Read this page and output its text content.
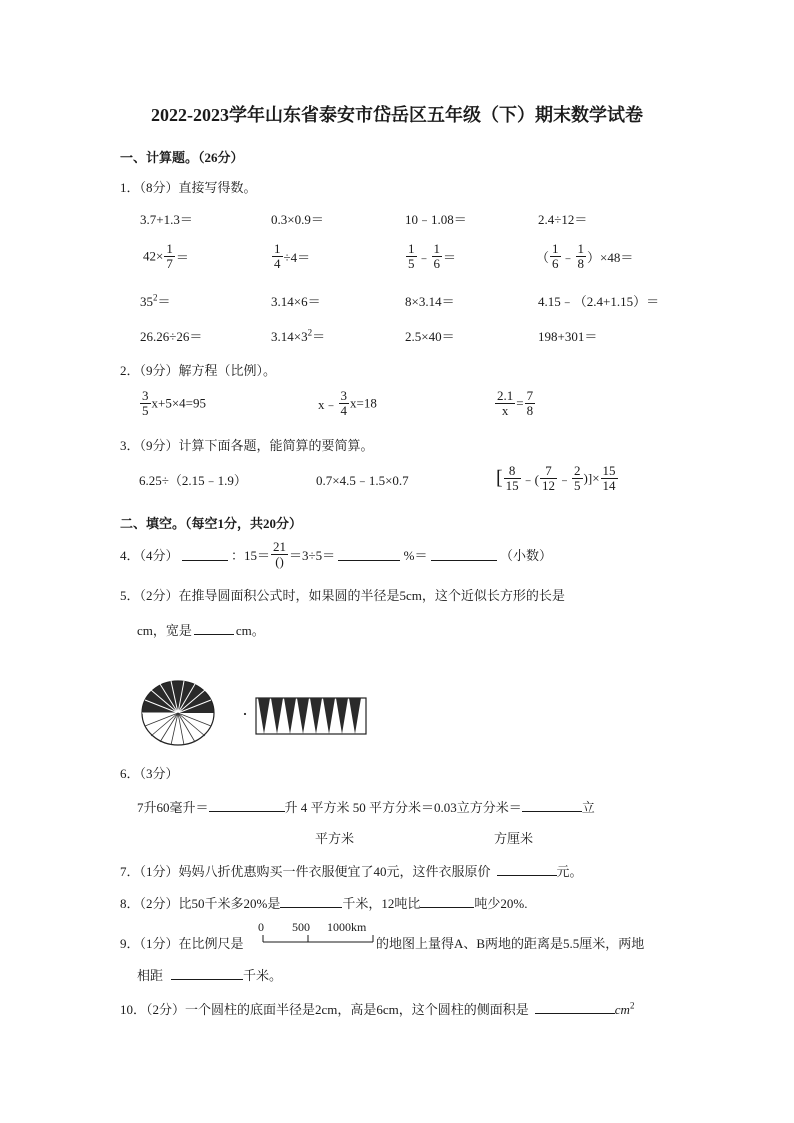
2022-2023学年山东省泰安市岱岳区五年级（下）期末数学试卷
一、计算题。（26分）
1．（8分）直接写得数。
3.7+1.3＝	0.3×0.9＝	10﹣1.08＝	2.4÷12＝
$42\times \frac{1}{7}$ ＝	$\frac{1}{4} \div 4=$	$\frac{1}{5}$ ﹣ $\frac{1}{6}$ ＝	（ $\frac{1}{6}$ ﹣ $\frac{1}{8} )\times 48=$
$35^2=$	3.14×6＝	8×3.14＝	4.15﹣（2.4+1.15）＝
26.26÷26＝	$3.14\times 3^2=$	2.5×40＝	198+301＝
2．（9分）解方程（比例）。
$\frac{3}{5} x+5\times 4=95$	x﹣ $\frac{3}{4} x=18$	$\frac{2.1}{x} = \frac{7}{8}$
3．（9分）计算下面各题，能简算的要简算。
6.25÷（2.15﹣1.9）	0.7×4.5﹣1.5×0.7	[ $\frac{8}{15}$ ﹣( $\frac{7}{12}$ ﹣ $\frac{2}{5}$ )]× $\frac{15}{14}$
二、填空。（每空1分，共20分）
4．（4分）	：$15= \frac{21}{()} =3\div 5=$	%＝	（小数）
5．（2分）在推导圆面积公式时，如果圆的半径是5cm，这个近似长方形的长是
cm，宽是	cm。
·
6．（3分）
7升60毫升＝	升 4 平方米 50 平方分米＝0.03立方分米＝	立
平方米	方厘米
7．（1分）妈妈八折优惠购买一件衣服便宜了40元，这件衣服原价	元。
8．（2分）比50千米多20%是	千米，12吨比	吨少20%.
9．（1分）在比例尺是
0 500 1000km
的地图上量得A、B两地的距离是5.5厘米，两地
相距	千米。
10．（2分）一个圆柱的底面半径是2cm，高是6cm，这个圆柱的侧面积是	$cm^2$
